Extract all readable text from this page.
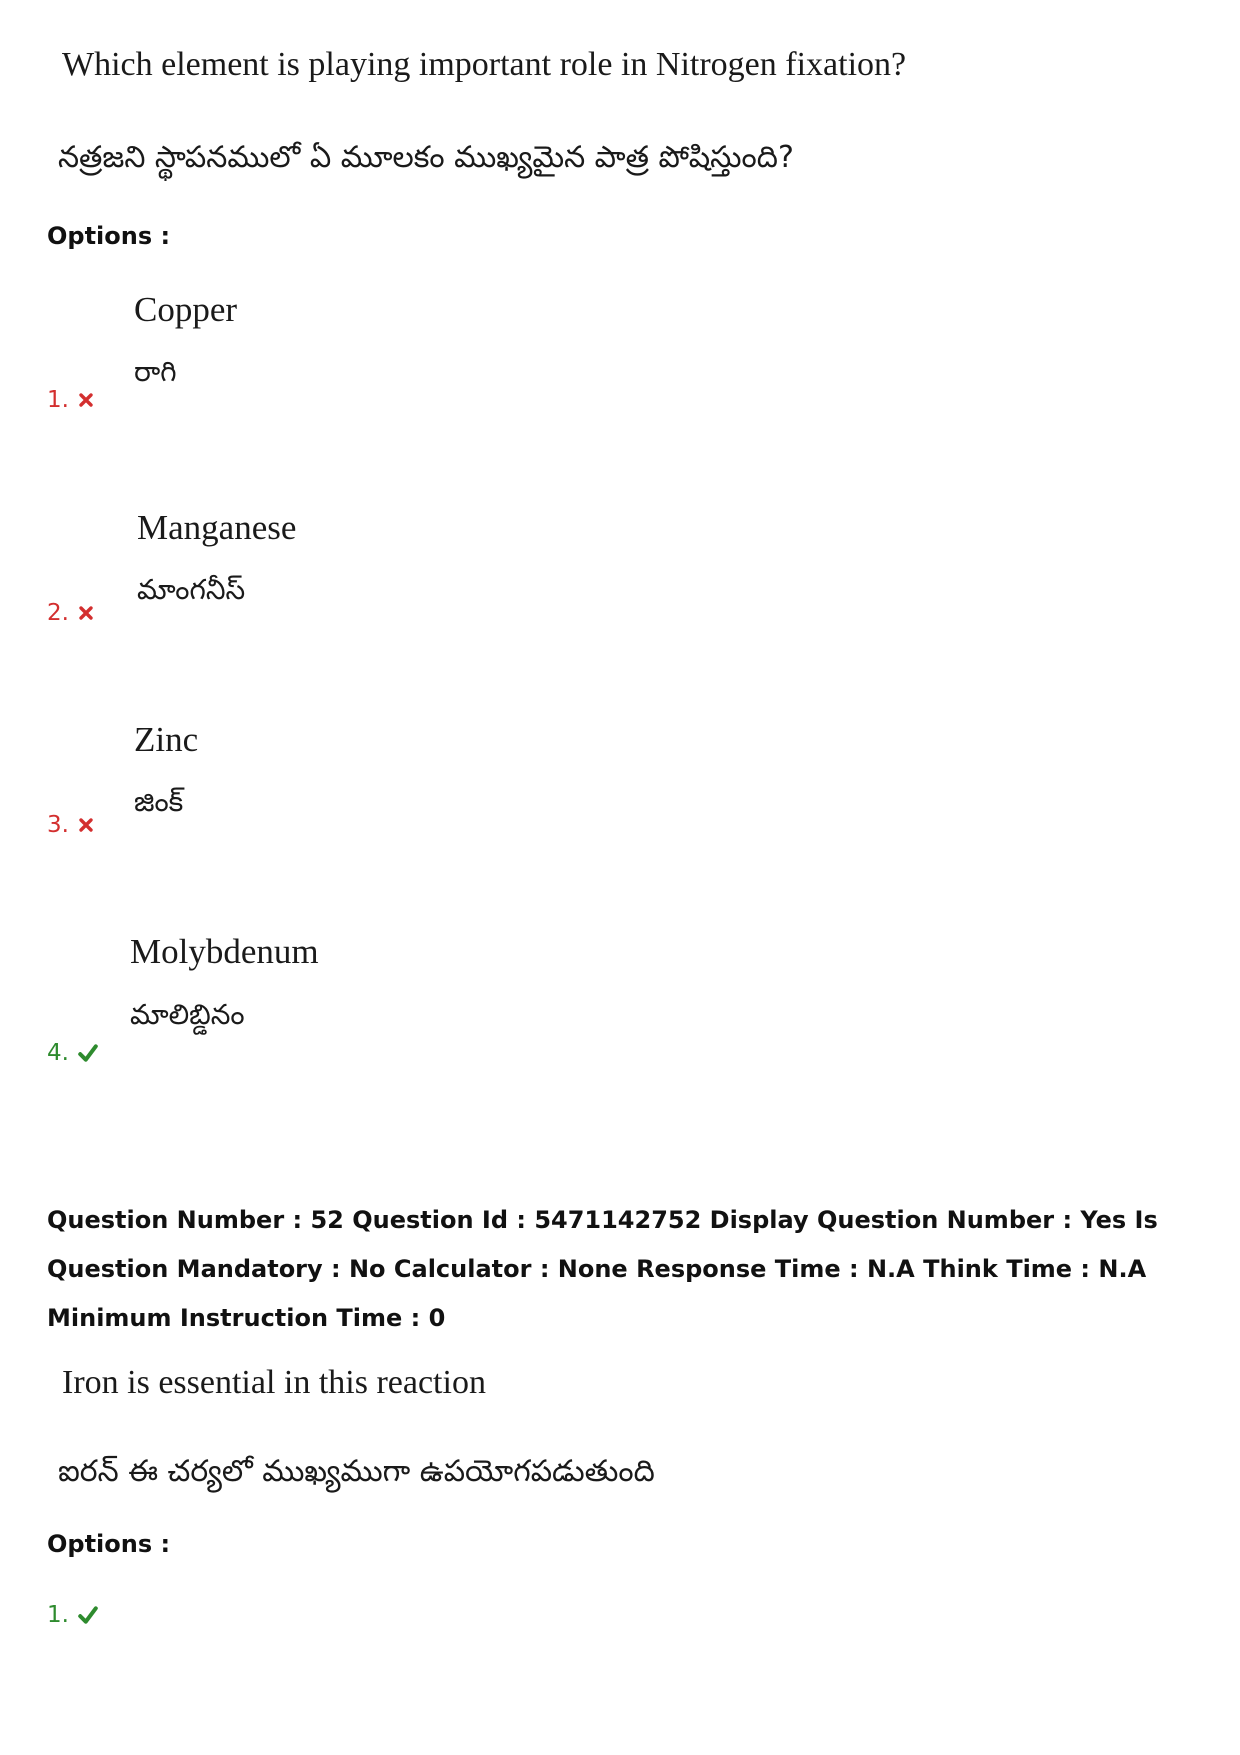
Which element is playing important role in Nitrogen fixation?
నత్రజని స్థాపనములో ఏ మూలకం ముఖ్యమైన పాత్ర పోషిస్తుంది?
Options :
Copper
రాగి
1.
Manganese
మాంగనీస్
2.
Zinc
జింక్
3.
Molybdenum
మాలిబ్డినం
4.
Question Number : 52 Question Id : 5471142752 Display Question Number : Yes Is Question Mandatory : No Calculator : None Response Time : N.A Think Time : N.A Minimum Instruction Time : 0
Iron is essential in this reaction
ఐరన్ ఈ చర్యలో ముఖ్యముగా ఉపయోగపడుతుంది
Options :
1.
